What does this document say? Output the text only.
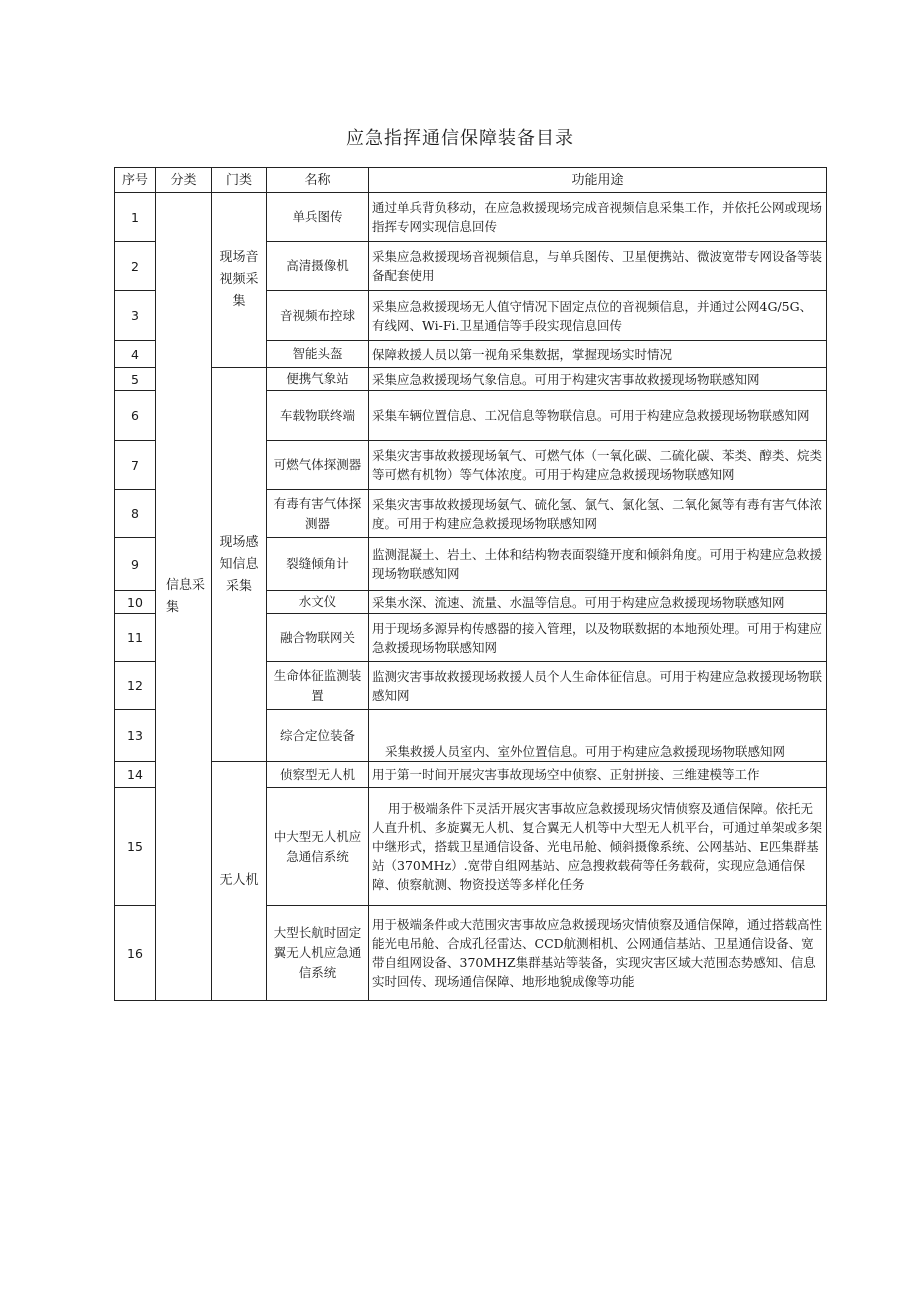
应急指挥通信保障装备目录
序号	分类	门类	名称	功能用途
1	信息采集	现场音视频采集	单兵图传	通过单兵背负移动，在应急救援现场完成音视频信息采集工作，并依托公网或现场指挥专网实现信息回传
2			高清摄像机	采集应急救援现场音视频信息，与单兵图传、卫星便携站、微波宽带专网设备等装备配套使用
3			音视频布控球	采集应急救援现场无人值守情况下固定点位的音视频信息，并通过公网4G/5G、有线网、Wi-Fi.卫星通信等手段实现信息回传
4			智能头盔	保障救援人员以第一视角采集数据，掌握现场实时情况
5		现场感知信息采集	便携气象站	采集应急救援现场气象信息。可用于构建灾害事故救援现场物联感知网
6			车载物联终端	采集车辆位置信息、工况信息等物联信息。可用于构建应急救援现场物联感知网
7			可燃气体探测器	采集灾害事故救援现场氧气、可燃气体（一氧化碳、二硫化碳、苯类、醇类、烷类等可燃有机物）等气体浓度。可用于构建应急救援现场物联感知网
8			有毒有害气体探测器	采集灾害事故救援现场氨气、硫化氢、氯气、氯化氢、二氧化氮等有毒有害气体浓度。可用于构建应急救援现场物联感知网
9			裂缝倾角计	监测混凝土、岩土、土体和结构物表面裂缝开度和倾斜角度。可用于构建应急救援现场物联感知网
10			水文仪	采集水深、流速、流量、水温等信息。可用于构建应急救援现场物联感知网
11			融合物联网关	用于现场多源异构传感器的接入管理，以及物联数据的本地预处理。可用于构建应急救援现场物联感知网
12			生命体征监测装置	监测灾害事故救援现场救援人员个人生命体征信息。可用于构建应急救援现场物联感知网
13			综合定位装备	采集救援人员室内、室外位置信息。可用于构建应急救援现场物联感知网
14		无人机	侦察型无人机	用于第一时间开展灾害事故现场空中侦察、正射拼接、三维建模等工作
15			中大型无人机应急通信系统	用于极端条件下灵活开展灾害事故应急救援现场灾情侦察及通信保障。依托无人直升机、多旋翼无人机、复合翼无人机等中大型无人机平台，可通过单架或多架中继形式，搭载卫星通信设备、光电吊舱、倾斜摄像系统、公网基站、E匹集群基站（370MHz）.宽带自组网基站、应急搜救载荷等任务载荷，实现应急通信保障、侦察航测、物资投送等多样化任务
16			大型长航时固定翼无人机应急通信系统	用于极端条件或大范围灾害事故应急救援现场灾情侦察及通信保障，通过搭载高性能光电吊舱、合成孔径雷达、CCD航测相机、公网通信基站、卫星通信设备、宽带自组网设备、370MHZ集群基站等装备，实现灾害区域大范围态势感知、信息实时回传、现场通信保障、地形地貌成像等功能
